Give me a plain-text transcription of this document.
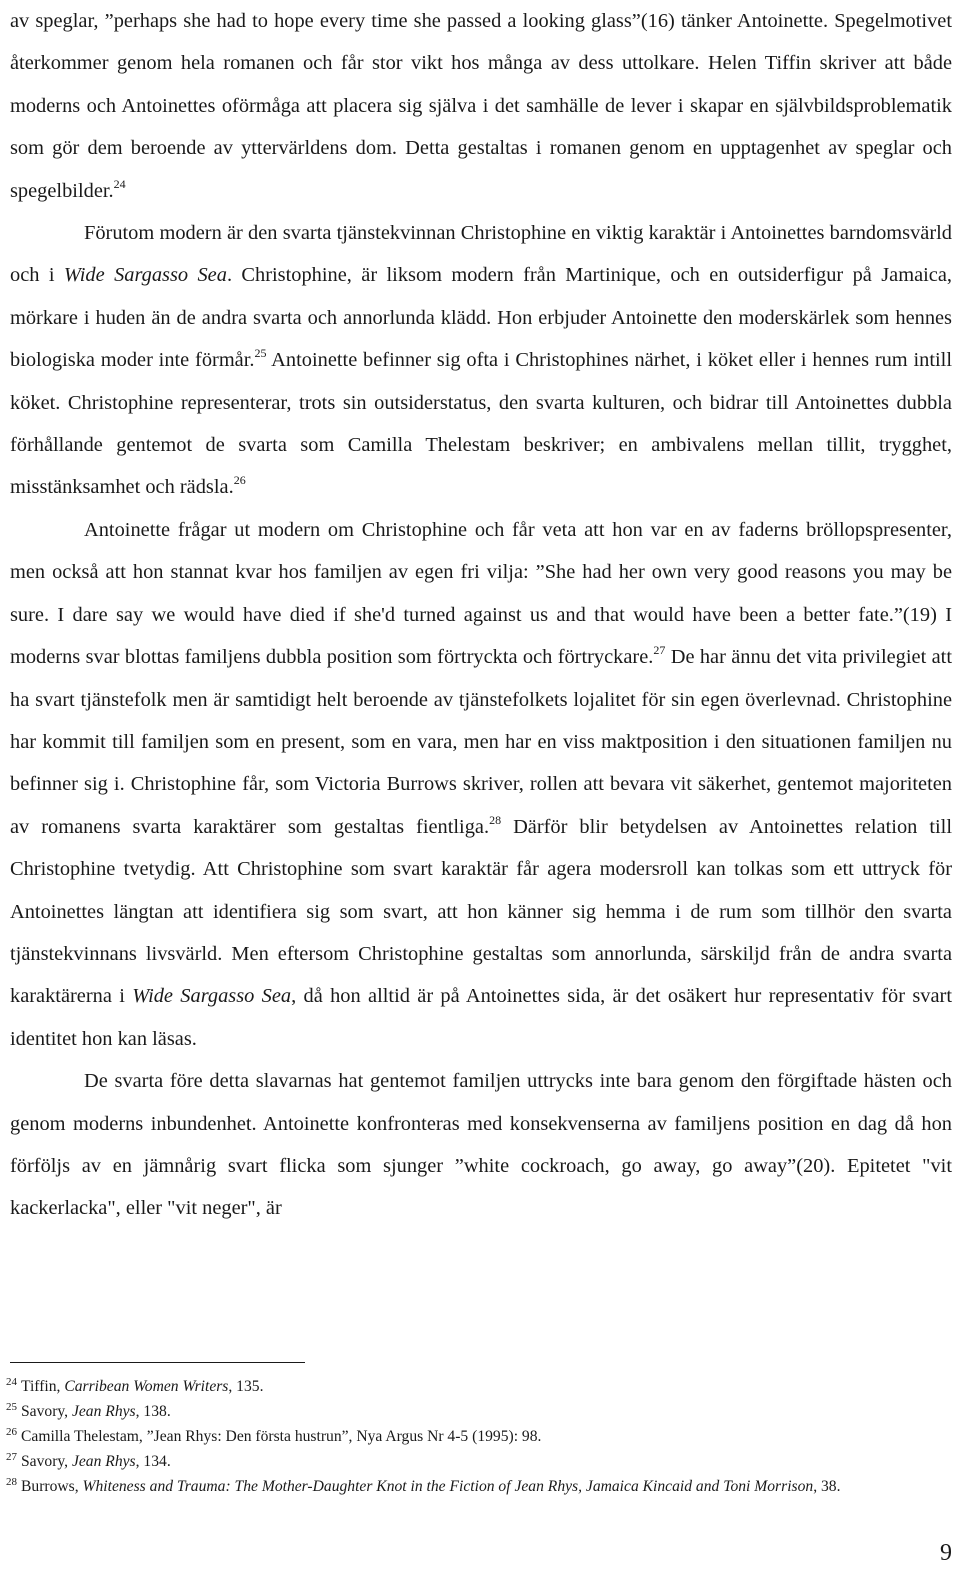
av speglar, ”perhaps she had to hope every time she passed a looking glass”(16) tänker Antoinette. Spegelmotivet återkommer genom hela romanen och får stor vikt hos många av dess uttolkare. Helen Tiffin skriver att både moderns och Antoinettes oförmåga att placera sig själva i det samhälle de lever i skapar en självbildsproblematik som gör dem beroende av yttervärldens dom. Detta gestaltas i romanen genom en upptagenhet av speglar och spegelbilder.$^{24}$

Förutom modern är den svarta tjänstekvinnan Christophine en viktig karaktär i Antoinettes barndomsvärld och i Wide Sargasso Sea. Christophine, är liksom modern från Martinique, och en outsiderfigur på Jamaica, mörkare i huden än de andra svarta och annorlunda klädd. Hon erbjuder Antoinette den moderskärlek som hennes biologiska moder inte förmår.$^{25}$ Antoinette befinner sig ofta i Christophines närhet, i köket eller i hennes rum intill köket. Christophine representerar, trots sin outsiderstatus, den svarta kulturen, och bidrar till Antoinettes dubbla förhållande gentemot de svarta som Camilla Thelestam beskriver; en ambivalens mellan tillit, trygghet, misstänksamhet och rädsla.$^{26}$

Antoinette frågar ut modern om Christophine och får veta att hon var en av faderns bröllopspresenter, men också att hon stannat kvar hos familjen av egen fri vilja: ”She had her own very good reasons you may be sure. I dare say we would have died if she'd turned against us and that would have been a better fate.”(19) I moderns svar blottas familjens dubbla position som förtryckta och förtryckare.$^{27}$ De har ännu det vita privilegiet att ha svart tjänstefolk men är samtidigt helt beroende av tjänstefolkets lojalitet för sin egen överlevnad. Christophine har kommit till familjen som en present, som en vara, men har en viss maktposition i den situationen familjen nu befinner sig i. Christophine får, som Victoria Burrows skriver, rollen att bevara vit säkerhet, gentemot majoriteten av romanens svarta karaktärer som gestaltas fientliga.$^{28}$ Därför blir betydelsen av Antoinettes relation till Christophine tvetydig. Att Christophine som svart karaktär får agera modersroll kan tolkas som ett uttryck för Antoinettes längtan att identifiera sig som svart, att hon känner sig hemma i de rum som tillhör den svarta tjänstekvinnans livsvärld. Men eftersom Christophine gestaltas som annorlunda, särskiljd från de andra svarta karaktärerna i Wide Sargasso Sea, då hon alltid är på Antoinettes sida, är det osäkert hur representativ för svart identitet hon kan läsas.

De svarta före detta slavarnas hat gentemot familjen uttrycks inte bara genom den förgiftade hästen och genom moderns inbundenhet. Antoinette konfronteras med konsekvenserna av familjens position en dag då hon förföljs av en jämnårig svart flicka som sjunger ”white cockroach, go away, go away”(20). Epitetet "vit kackerlacka", eller "vit neger", är

$^{24}$ Tiffin, Carribean Women Writers, 135.

$^{25}$ Savory, Jean Rhys, 138.

$^{26}$ Camilla Thelestam, ”Jean Rhys: Den första hustrun”, Nya Argus Nr 4-5 (1995): 98.

$^{27}$ Savory, Jean Rhys, 134.

$^{28}$ Burrows, Whiteness and Trauma: The Mother-Daughter Knot in the Fiction of Jean Rhys, Jamaica Kincaid and Toni Morrison, 38.

9
